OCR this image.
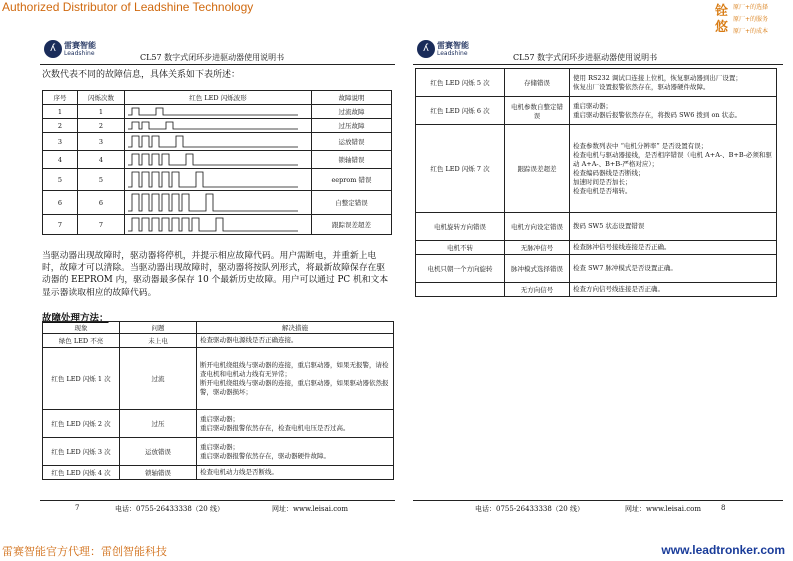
Authorized Distributor of Leadshine Technology	铨
悠
原厂+的选择
原厂+的服务
原厂+的成本
ʎ	雷赛智能
Leadshine	CL57 数字式闭环步进驱动器使用说明书
次数代表不同的故障信息，具体关系如下表所述：
序号	闪烁次数	红色 LED 闪烁波形	故障说明
1	1		过流故障
2	2		过压故障
3	3		运放错误
4	4		锁轴错误
5	5		eeprom 错误
6	6		自整定错误
7	7		跟踪误差超差
当驱动器出现故障时，驱动器将停机，并提示相应故障代码。用户需断电，并重新上电时，故障才可以清除。当驱动器出现故障时，驱动器将按队列形式，将最新故障保存在驱动器的 EEPROM 内，驱动器最多保存 10 个最新历史故障。用户可以通过 PC 机和文本显示器读取相应的故障代码。
故障处理方法：
现象	问题	解决措施
绿色 LED 不亮	未上电	检查驱动器电源线是否正确连接。

红色 LED 闪烁 1 次	过流	断开电机绕组线与驱动器的连接，重启驱动器，如果无报警，请检查电机和电机动力线有无异常；
断开电机绕组线与驱动器的连接，重启驱动器，如果驱动器依然报警，驱动器损坏；

红色 LED 闪烁 2 次	过压	重启驱动器；
重启驱动器报警依然存在，检查电机电压是否过高。

红色 LED 闪烁 3 次	运放错误	重启驱动器；
重启驱动器报警依然存在，驱动器硬件故障。

红色 LED 闪烁 4 次	锁轴错误	检查电机动力线是否断线。
7	电话：0755-26433338（20 线）	网址：www.leisai.com
ʎ	雷赛智能
Leadshine	CL57 数字式闭环步进驱动器使用说明书
红色 LED 闪烁 5 次	存储错误	使用 RS232 调试口连接上位机，恢复驱动器到出厂设置；
恢复出厂设置报警依然存在，驱动器硬件故障。

红色 LED 闪烁 6 次	电机参数自整定错误	重启驱动器；
重启驱动器后报警依然存在，将拨码 SW6 拨到 on 状态。

红色 LED 闪烁 7 次	跟踪误差超差	检查参数列表中 “电机分辨率” 是否设置有误；
检查电机与驱动器接线，是否相序错误（电机 A+A-、B+B-必须和驱动 A+A-、B+B-严格对应）；
检查编码器线是否断线；
加速时间是否加长；
检查电机是否堵转。

电机旋转方向错误	电机方向设定错误	拨码 SW5 状态设置错误

电机不转	无脉冲信号	检查脉冲信号接线连接是否正确。

电机只朝一个方向旋转	脉冲模式选择错误	检查 SW7 脉冲模式是否设置正确。

	无方向信号	检查方向信号线连接是否正确。
电话：0755-26433338（20 线）	网址：www.leisai.com	8
雷赛智能官方代理：雷创智能科技	www.leadtronker.com
